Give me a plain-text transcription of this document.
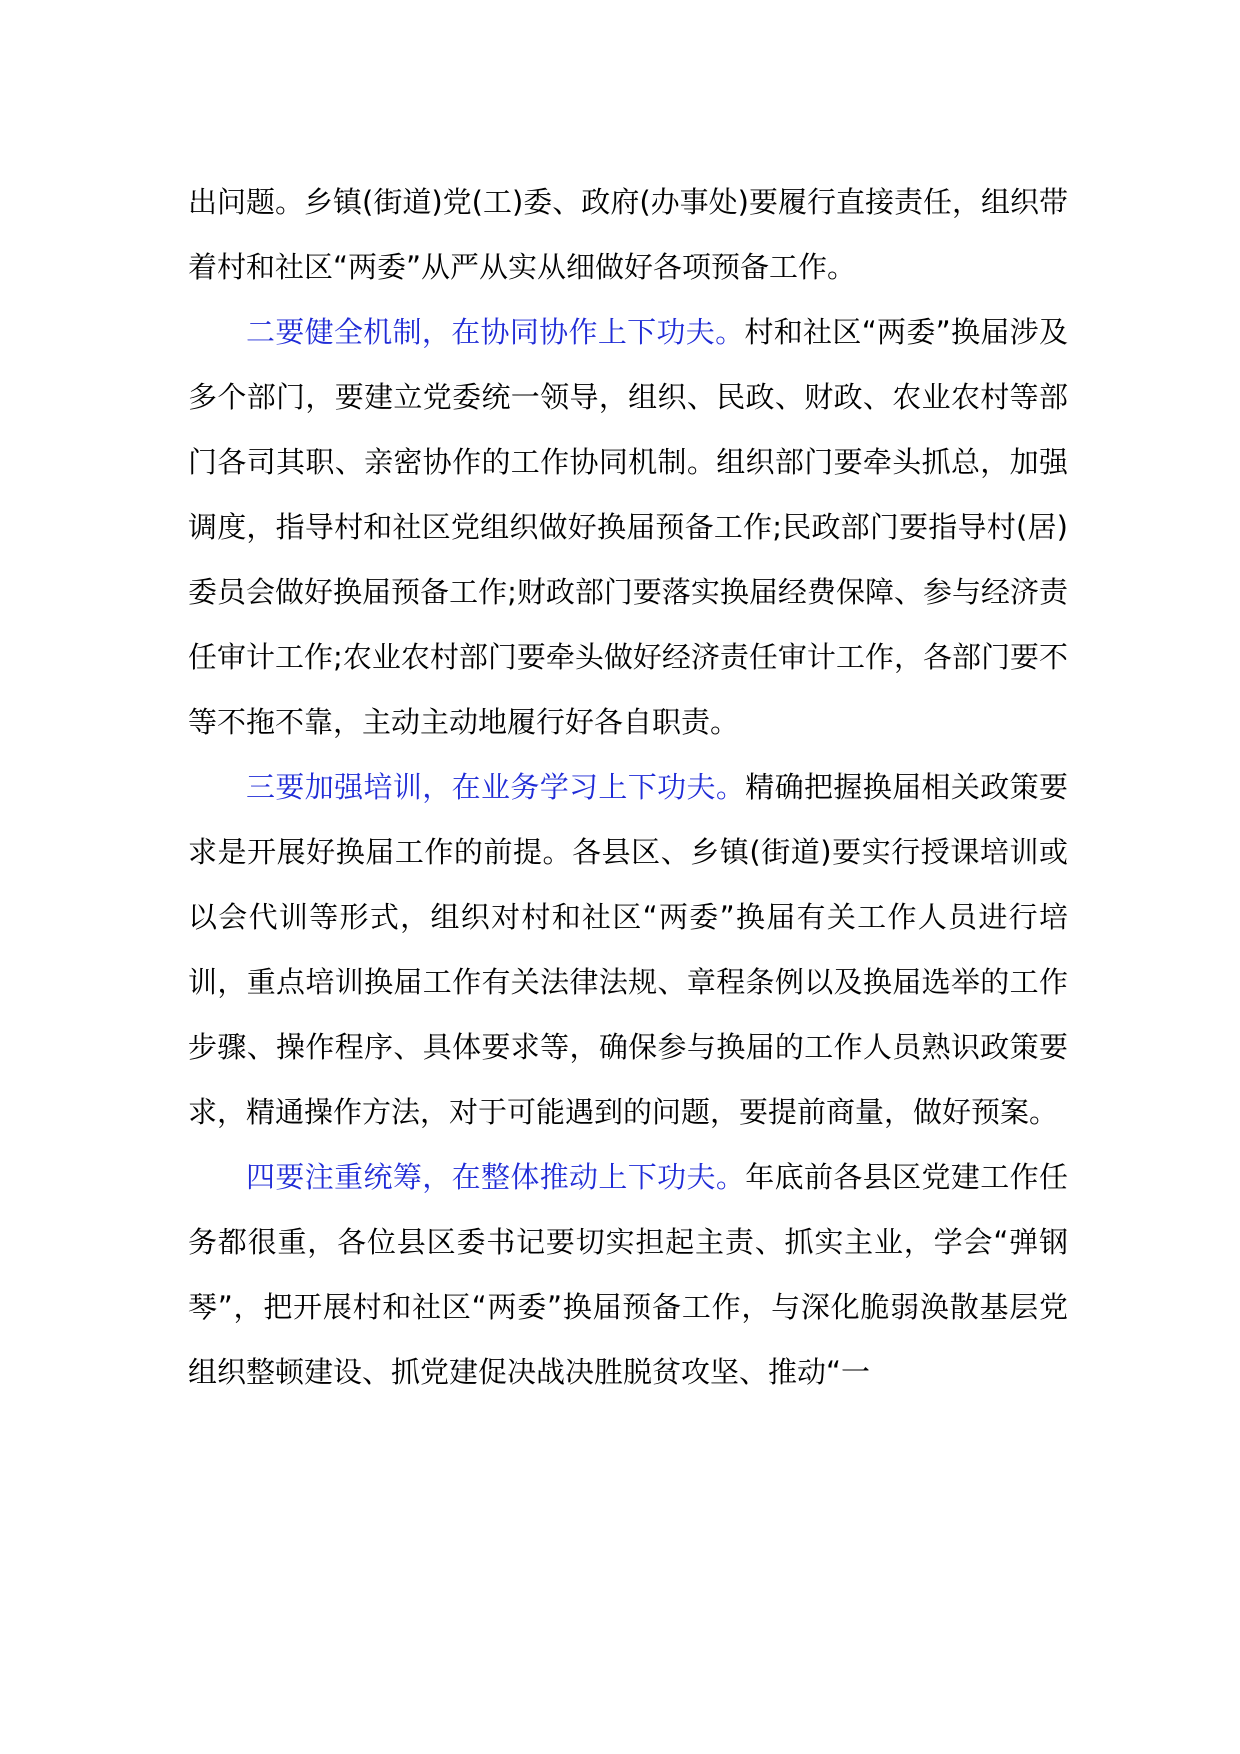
出问题。乡镇(街道)党(工)委、政府(办事处)要履行直接责任，组织带着村和社区“两委”从严从实从细做好各项预备工作。

二要健全机制，在协同协作上下功夫。村和社区“两委”换届涉及多个部门，要建立党委统一领导，组织、民政、财政、农业农村等部门各司其职、亲密协作的工作协同机制。组织部门要牵头抓总，加强调度，指导村和社区党组织做好换届预备工作;民政部门要指导村(居)委员会做好换届预备工作;财政部门要落实换届经费保障、参与经济责任审计工作;农业农村部门要牵头做好经济责任审计工作，各部门要不等不拖不靠，主动主动地履行好各自职责。

三要加强培训，在业务学习上下功夫。精确把握换届相关政策要求是开展好换届工作的前提。各县区、乡镇(街道)要实行授课培训或以会代训等形式，组织对村和社区“两委”换届有关工作人员进行培训，重点培训换届工作有关法律法规、章程条例以及换届选举的工作步骤、操作程序、具体要求等，确保参与换届的工作人员熟识政策要求，精通操作方法，对于可能遇到的问题，要提前商量，做好预案。

四要注重统筹，在整体推动上下功夫。年底前各县区党建工作任务都很重，各位县区委书记要切实担起主责、抓实主业，学会“弹钢琴”，把开展村和社区“两委”换届预备工作，与深化脆弱涣散基层党组织整顿建设、抓党建促决战决胜脱贫攻坚、推动“一
